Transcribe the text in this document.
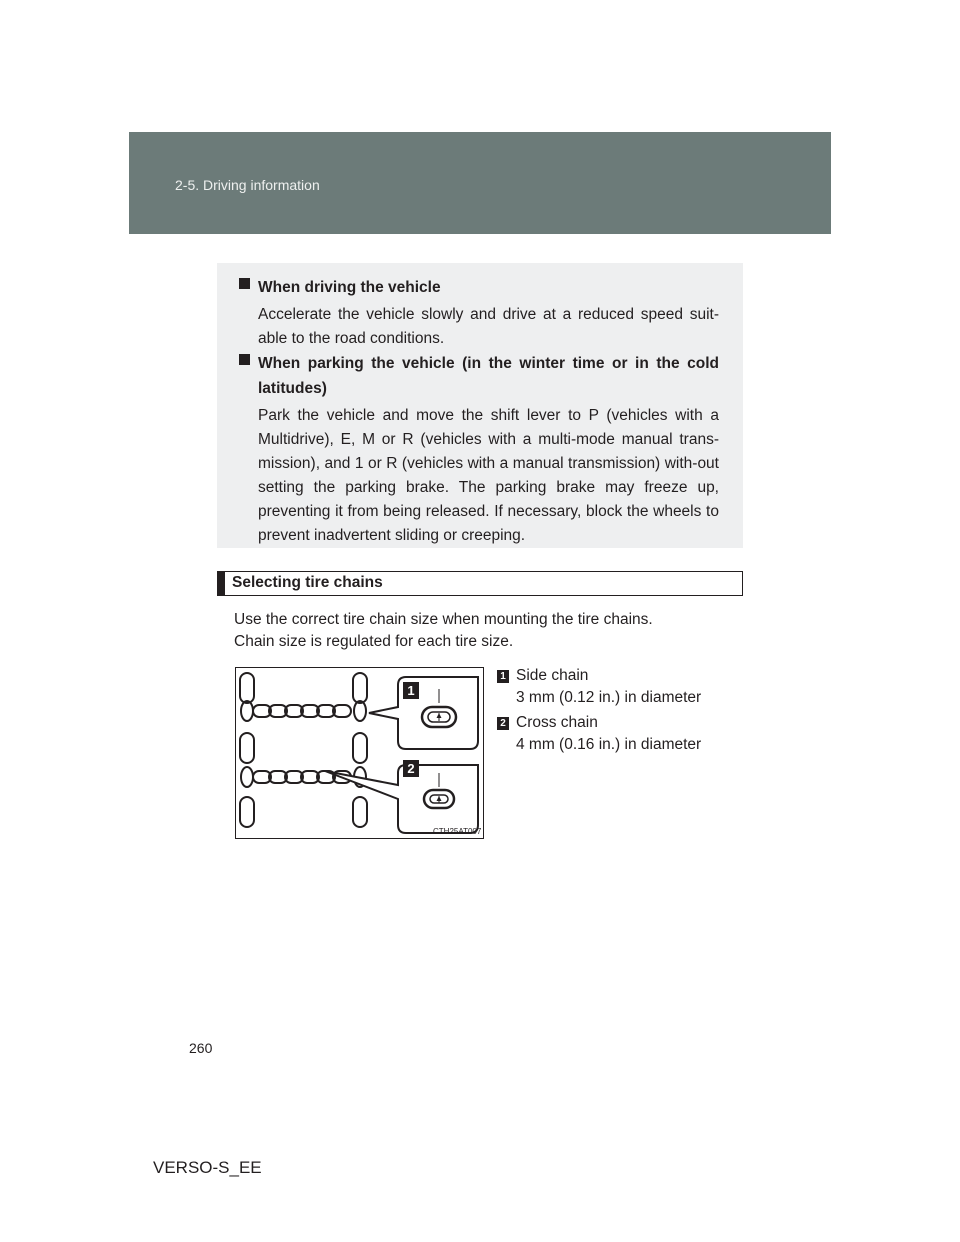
2-5. Driving information
When driving the vehicle
Accelerate the vehicle slowly and drive at a reduced speed suit-able to the road conditions.
When parking the vehicle (in the winter time or in the cold latitudes)
Park the vehicle and move the shift lever to P (vehicles with a Multidrive), E, M or R (vehicles with a multi-mode manual trans-mission), and 1 or R (vehicles with a manual transmission) with-out setting the parking brake. The parking brake may freeze up, preventing it from being released. If necessary, block the wheels to prevent inadvertent sliding or creeping.
Selecting tire chains
Use the correct tire chain size when mounting the tire chains.
Chain size is regulated for each tire size.
1
2
CTH25AT007
1 Side chain
3 mm (0.12 in.) in diameter
2 Cross chain
4 mm (0.16 in.) in diameter
260
VERSO-S_EE
